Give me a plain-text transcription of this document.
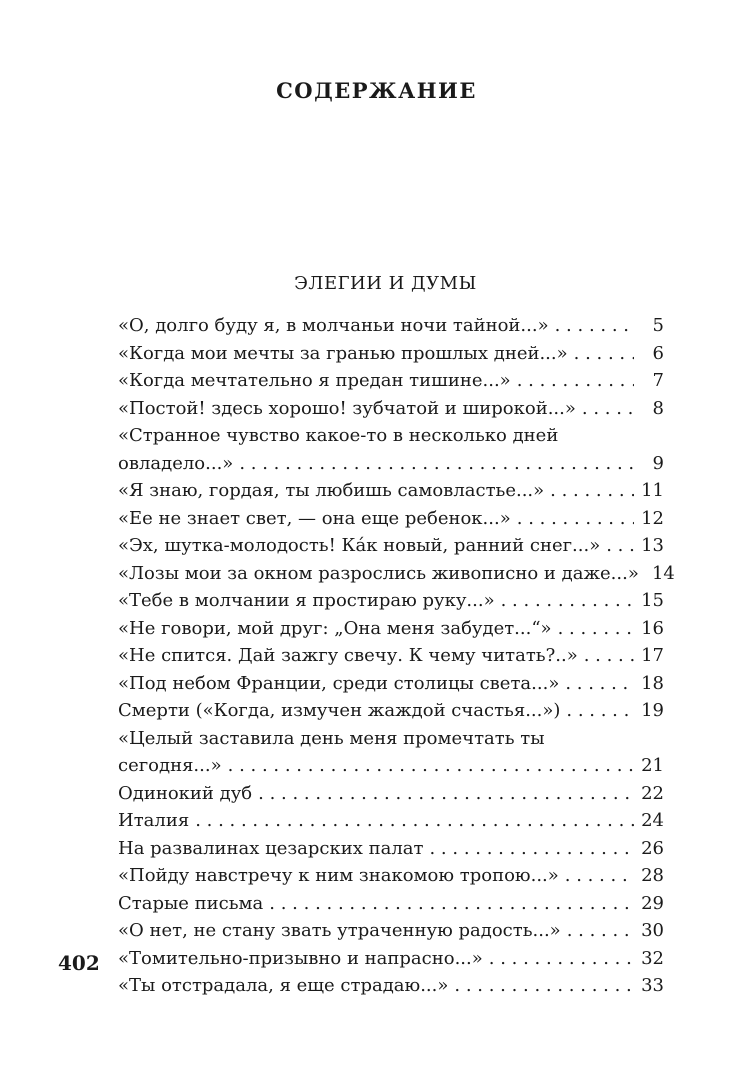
СОДЕРЖАНИЕ
ЭЛЕГИИ И ДУМЫ
«О, долго буду я, в молчаньи ночи тайной...» . . .	5
«Когда мои мечты за гранью прошлых дней...» . . .	6
«Когда мечтательно я предан тишине...» . . .	7
«Постой! здесь хорошо! зубчатой и широкой...» . . .	8
«Странное чувство какое-то в несколько дней
овладело...» . . .	9
«Я знаю, гордая, ты любишь самовластье...» . . .	11
«Ее не знает свет, — она еще ребенок...» . . .	12
«Эх, шутка-молодость! Ка́к новый, ранний снег...» . . . 13
«Лозы мои за окном разрослись живописно и даже...» 14
«Тебе в молчании я простираю руку...» . . .	15
«Не говори, мой друг: „Она меня забудет...“» . . .	16
«Не спится. Дай зажгу свечу. К чему читать?..» . . .	17
«Под небом Франции, среди столицы света...» . . .	18
Смерти («Когда, измучен жаждой счастья...») . . .	19
«Целый заставила день меня промечтать ты
сегодня...» . . .	21
Одинокий дуб . . .	22
Италия . . .	24
На развалинах цезарских палат . . .	26
«Пойду навстречу к ним знакомою тропою...» . . .	28
Старые письма . . .	29
«О нет, не стану звать утраченную радость...» . . .	30
«Томительно-призывно и напрасно...» . . .	32
«Ты отстрадала, я еще страдаю...» . . .	33
402
